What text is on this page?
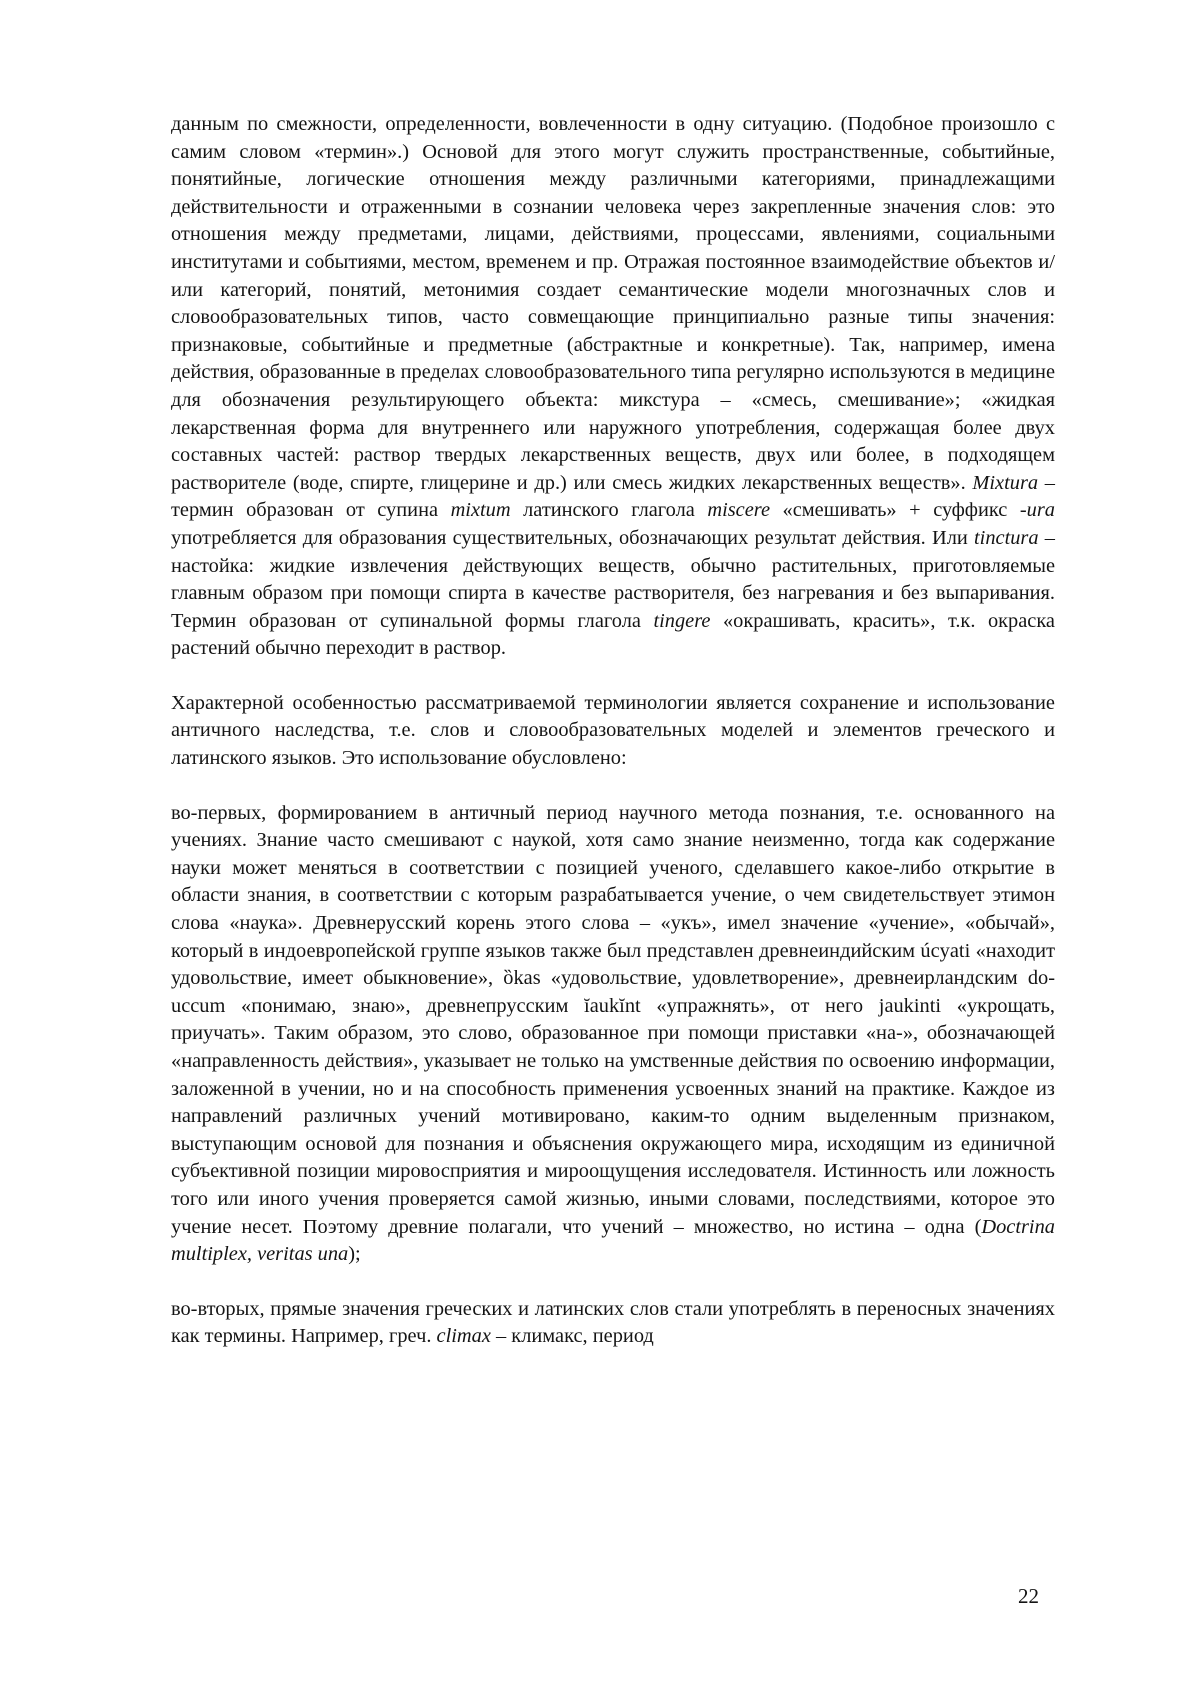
данным по смежности, определенности, вовлеченности в одну ситуацию. (Подобное произошло с самим словом «термин».) Основой для этого могут служить пространственные, событийные, понятийные, логические отношения между различными категориями, принадлежащими действительности и отраженными в сознании человека через закрепленные значения слов: это отношения между предметами, лицами, действиями, процессами, явлениями, социальными институтами и событиями, местом, временем и пр. Отражая постоянное взаимодействие объектов и/или категорий, понятий, метонимия создает семантические модели многозначных слов и словообразовательных типов, часто совмещающие принципиально разные типы значения: признаковые, событийные и предметные (абстрактные и конкретные). Так, например, имена действия, образованные в пределах словообразовательного типа регулярно используются в медицине для обозначения результирующего объекта: микстура – «смесь, смешивание»; «жидкая лекарственная форма для внутреннего или наружного употребления, содержащая более двух составных частей: раствор твердых лекарственных веществ, двух или более, в подходящем растворителе (воде, спирте, глицерине и др.) или смесь жидких лекарственных веществ». Mixtura – термин образован от супина mixtum латинского глагола miscere «смешивать» + суффикс -ura употребляется для образования существительных, обозначающих результат действия. Или tinctura – настойка: жидкие извлечения действующих веществ, обычно растительных, приготовляемые главным образом при помощи спирта в качестве растворителя, без нагревания и без выпаривания. Термин образован от супинальной формы глагола tingere «окрашивать, красить», т.к. окраска растений обычно переходит в раствор.

Характерной особенностью рассматриваемой терминологии является сохранение и использование античного наследства, т.е. слов и словообразовательных моделей и элементов греческого и латинского языков. Это использование обусловлено:

во-первых, формированием в античный период научного метода познания, т.е. основанного на учениях. Знание часто смешивают с наукой, хотя само знание неизменно, тогда как содержание науки может меняться в соответствии с позицией ученого, сделавшего какое-либо открытие в области знания, в соответствии с которым разрабатывается учение, о чем свидетельствует этимон слова «наука». Древнерусский корень этого слова – «укъ», имел значение «учение», «обычай», который в индоевропейской группе языков также был представлен древнеиндийским úcyati «находит удовольствие, имеет обыкновение», ȍkas «удовольствие, удовлетворение», древнеирландским do-uccum «понимаю, знаю», древнепрусским ĭaukĭnt «упражнять», от него jaukinti «укрощать, приучать». Таким образом, это слово, образованное при помощи приставки «на-», обозначающей «направленность действия», указывает не только на умственные действия по освоению информации, заложенной в учении, но и на способность применения усвоенных знаний на практике. Каждое из направлений различных учений мотивировано, каким-то одним выделенным признаком, выступающим основой для познания и объяснения окружающего мира, исходящим из единичной субъективной позиции мировосприятия и мироощущения исследователя. Истинность или ложность того или иного учения проверяется самой жизнью, иными словами, последствиями, которое это учение несет. Поэтому древние полагали, что учений – множество, но истина – одна (Doctrina multiplex, veritas una);

во-вторых, прямые значения греческих и латинских слов стали употреблять в переносных значениях как термины. Например, греч. climax – климакс, период

22
